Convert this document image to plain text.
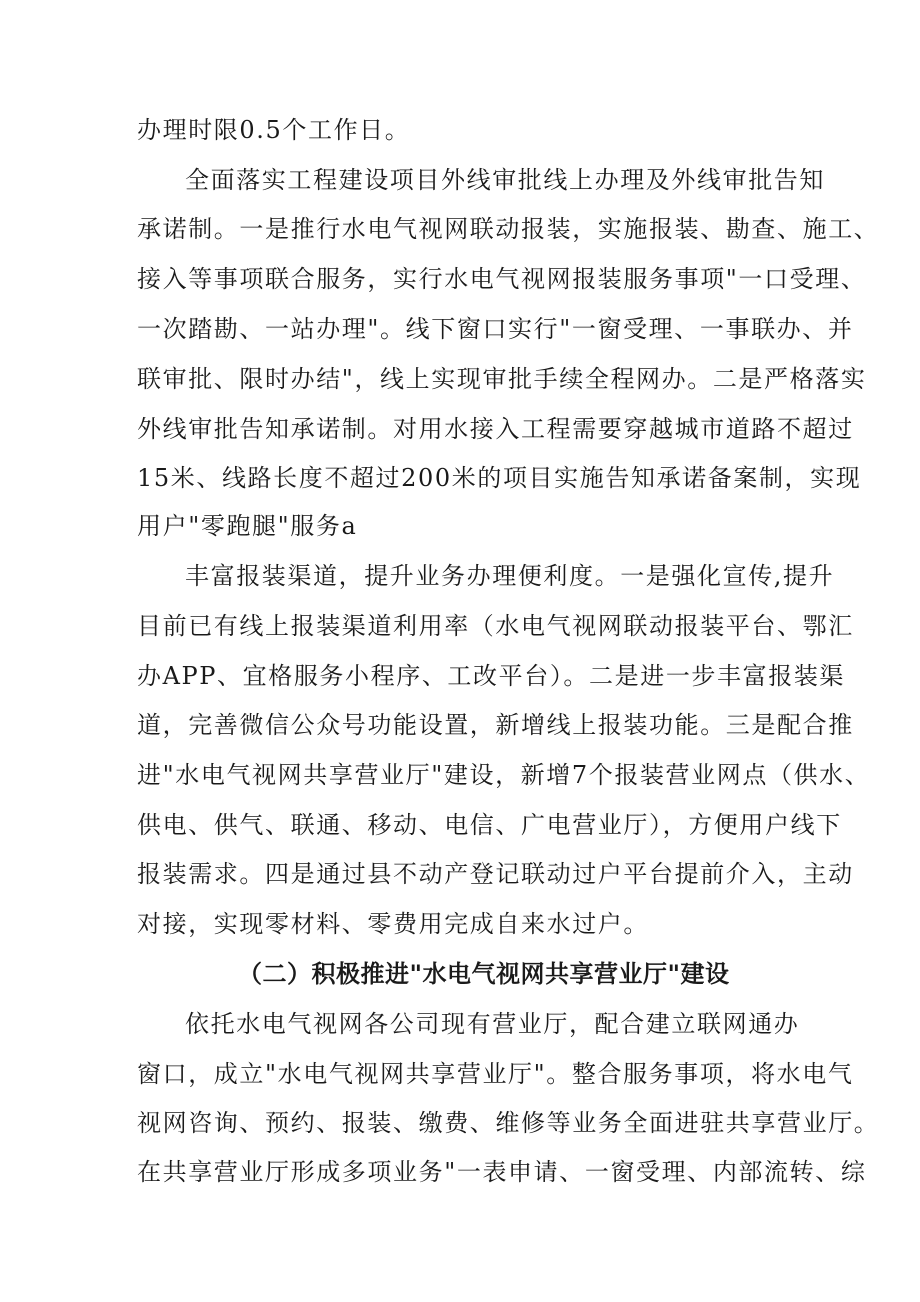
办理时限0.5个工作日。
全面落实工程建设项目外线审批线上办理及外线审批告知
承诺制。一是推行水电气视网联动报装，实施报装、勘查、施工、
接入等事项联合服务，实行水电气视网报装服务事项"一口受理、
一次踏勘、一站办理"。线下窗口实行"一窗受理、一事联办、并
联审批、限时办结"，线上实现审批手续全程网办。二是严格落实
外线审批告知承诺制。对用水接入工程需要穿越城市道路不超过
15米、线路长度不超过200米的项目实施告知承诺备案制，实现
用户"零跑腿"服务a
丰富报装渠道，提升业务办理便利度。一是强化宣传,提升
目前已有线上报装渠道利用率（水电气视网联动报装平台、鄂汇
办APP、宜格服务小程序、工改平台）。二是进一步丰富报装渠
道，完善微信公众号功能设置，新增线上报装功能。三是配合推
进"水电气视网共享营业厅"建设，新增7个报装营业网点（供水、
供电、供气、联通、移动、电信、广电营业厅），方便用户线下
报装需求。四是通过县不动产登记联动过户平台提前介入，主动
对接，实现零材料、零费用完成自来水过户。
（二）积极推进"水电气视网共享营业厅"建设
依托水电气视网各公司现有营业厅，配合建立联网通办
窗口，成立"水电气视网共享营业厅"。整合服务事项，将水电气
视网咨询、预约、报装、缴费、维修等业务全面进驻共享营业厅。
在共享营业厅形成多项业务"一表申请、一窗受理、内部流转、综
